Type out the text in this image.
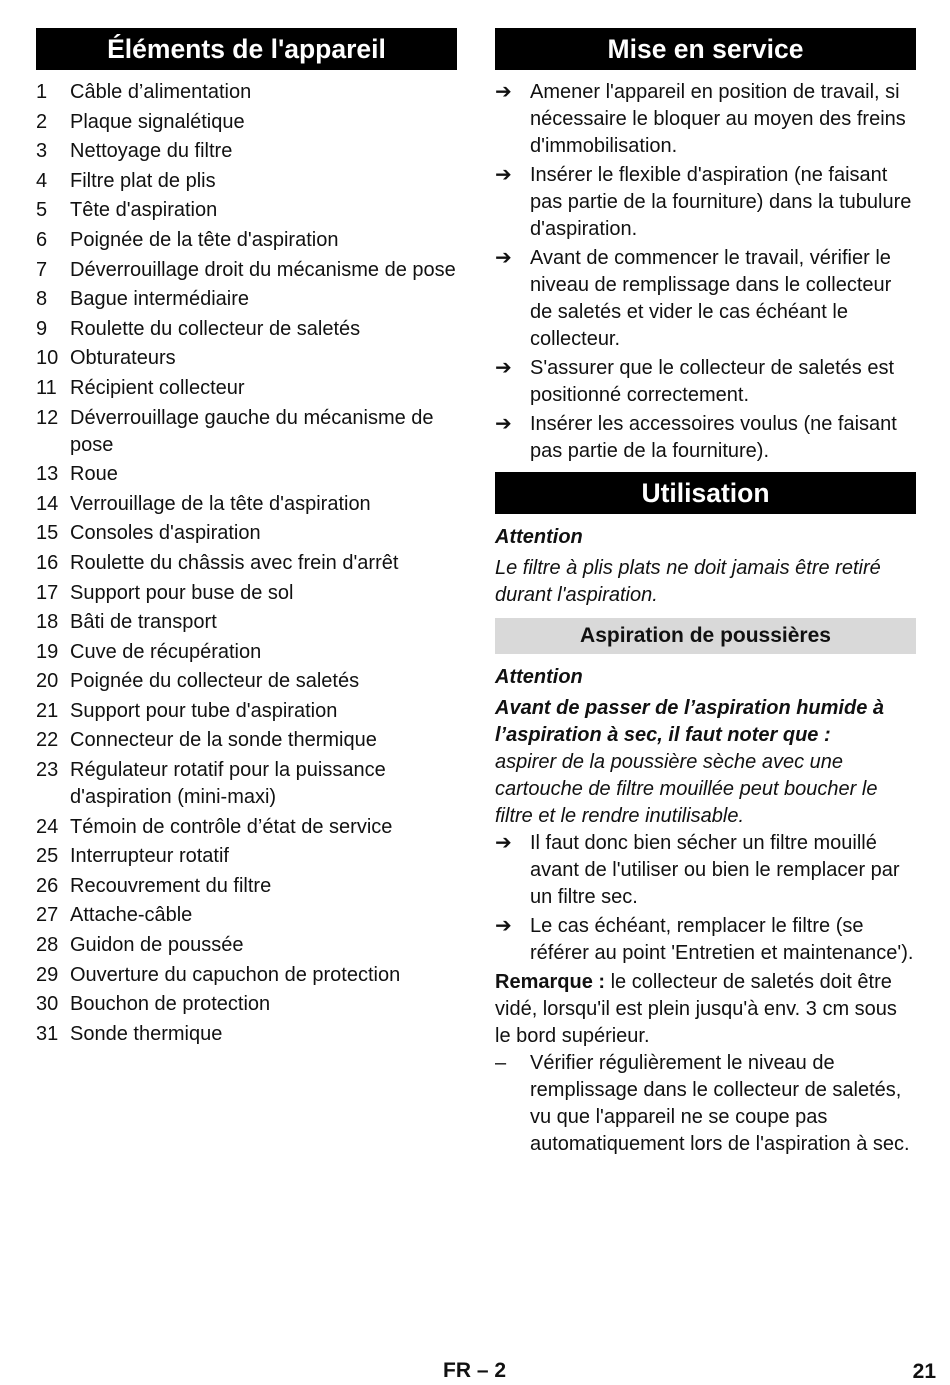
Éléments de l'appareil
1	Câble d’alimentation
2	Plaque signalétique
3	Nettoyage du filtre
4	Filtre plat de plis
5	Tête d'aspiration
6	Poignée de la tête d'aspiration
7	Déverrouillage droit du mécanisme de pose
8	Bague intermédiaire
9	Roulette du collecteur de saletés
10 Obturateurs
11 Récipient collecteur
12 Déverrouillage gauche du mécanisme de pose
13 Roue
14 Verrouillage de la tête d'aspiration
15 Consoles d'aspiration
16 Roulette du châssis avec frein d'arrêt
17 Support pour buse de sol
18 Bâti de transport
19 Cuve de récupération
20 Poignée du collecteur de saletés
21 Support pour tube d'aspiration
22 Connecteur de la sonde thermique
23 Régulateur rotatif pour la puissance d'aspiration (mini-maxi)
24 Témoin de contrôle d’état de service
25 Interrupteur rotatif
26 Recouvrement du filtre
27 Attache-câble
28 Guidon de poussée
29 Ouverture du capuchon de protection
30 Bouchon de protection
31 Sonde thermique
Mise en service
➔ Amener l'appareil en position de travail, si nécessaire le bloquer au moyen des freins d'immobilisation.
➔ Insérer le flexible d'aspiration (ne faisant pas partie de la fourniture) dans la tubulure d'aspiration.
➔ Avant de commencer le travail, vérifier le niveau de remplissage dans le collecteur de saletés et vider le cas échéant le collecteur.
➔ S'assurer que le collecteur de saletés est positionné correctement.
➔ Insérer les accessoires voulus (ne faisant pas partie de la fourniture).
Utilisation
Attention
Le filtre à plis plats ne doit jamais être retiré durant l'aspiration.
Aspiration de poussières
Attention
Avant de passer de l’aspiration humide à l’aspiration à sec, il faut noter que :
aspirer de la poussière sèche avec une cartouche de filtre mouillée peut boucher le filtre et le rendre inutilisable.
➔ Il faut donc bien sécher un filtre mouillé avant de l'utiliser ou bien le remplacer par un filtre sec.
➔ Le cas échéant, remplacer le filtre (se référer au point 'Entretien et maintenance').
Remarque : le collecteur de saletés doit être vidé, lorsqu'il est plein jusqu'à env. 3 cm sous le bord supérieur.
–	Vérifier régulièrement le niveau de remplissage dans le collecteur de saletés, vu que l'appareil ne se coupe pas automatiquement lors de l'aspiration à sec.
FR – 2	21
